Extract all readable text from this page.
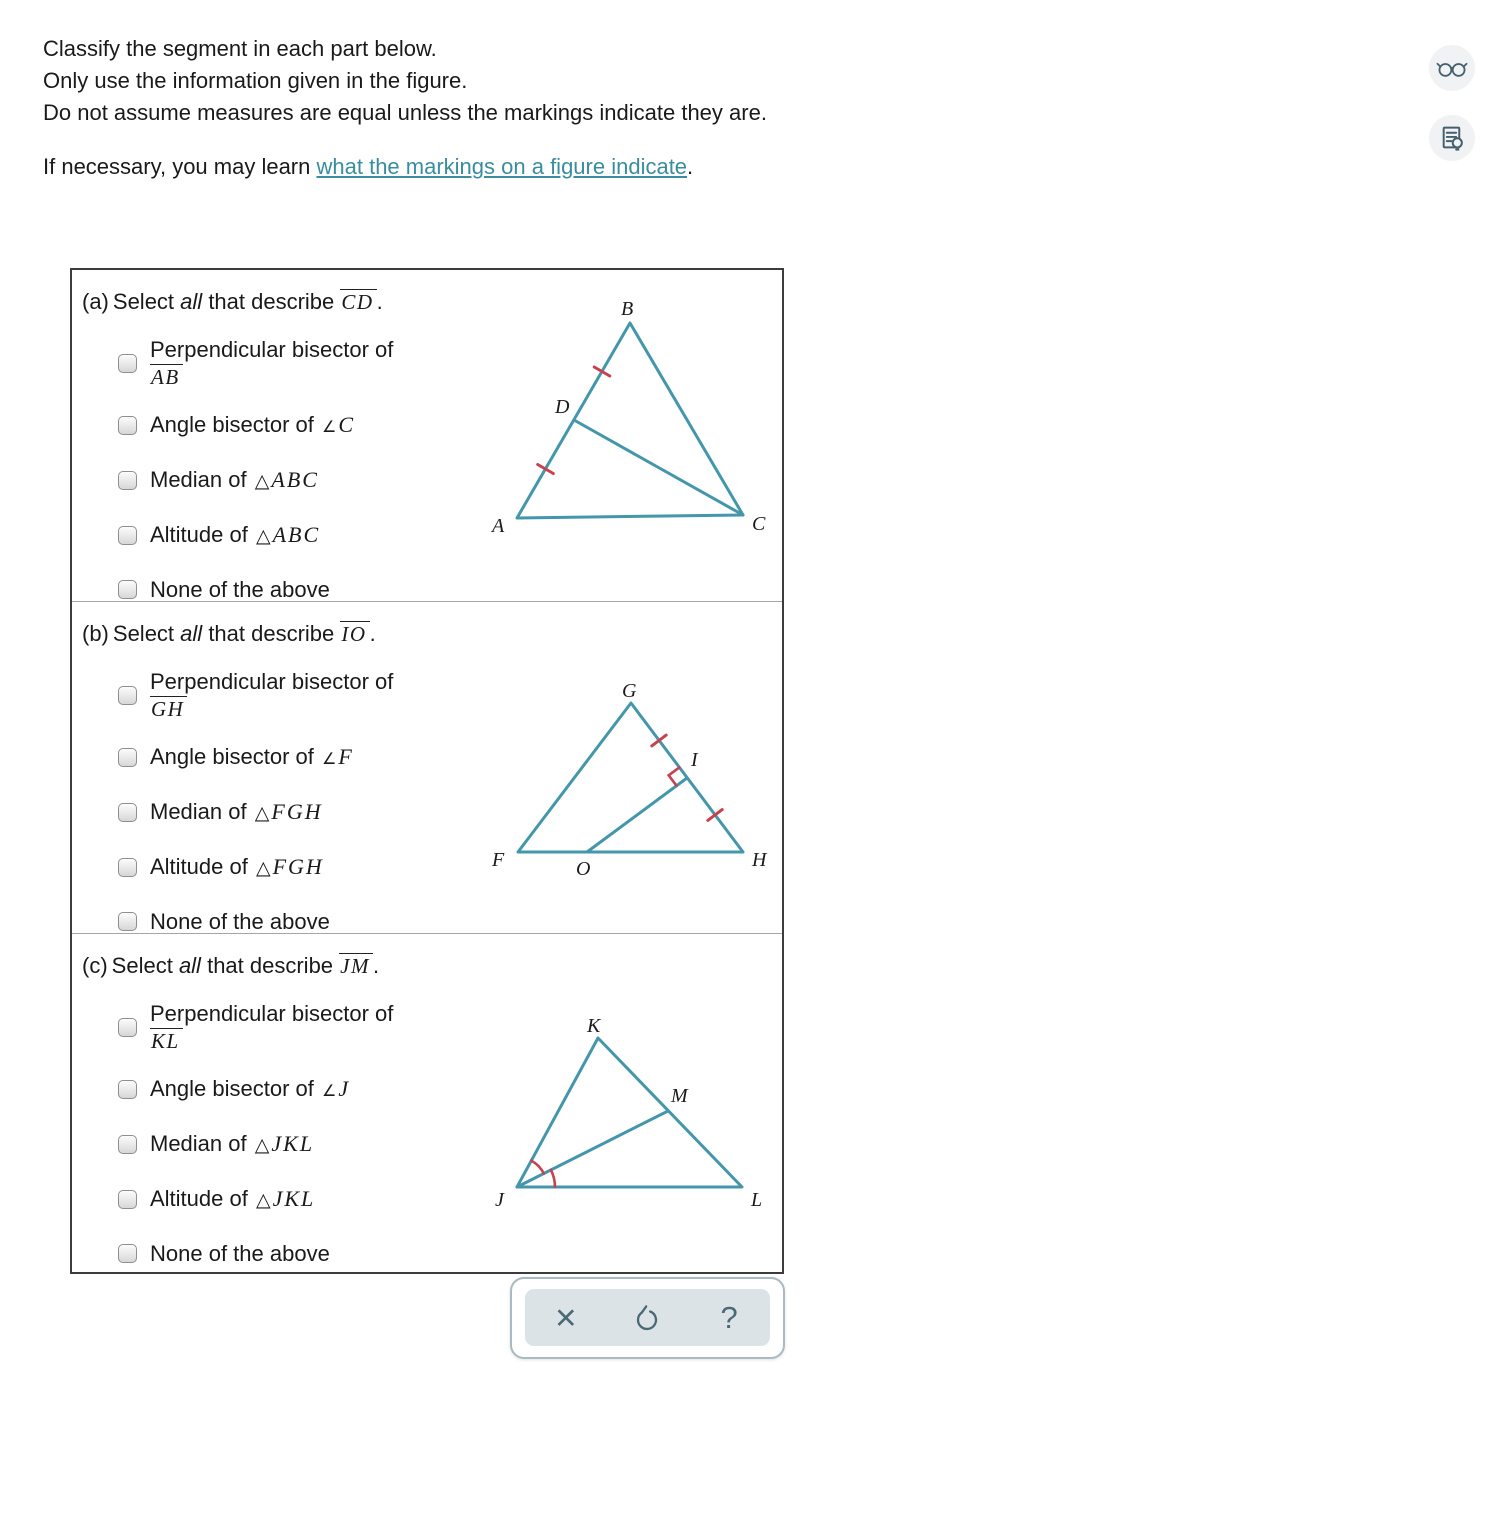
Classify the segment in each part below.
Only use the information given in the figure.
Do not assume measures are equal unless the markings indicate they are.
If necessary, you may learn what the markings on a figure indicate.
(a) Select all that describe CD .
Perpendicular bisector of
AB
Angle bisector of ∠C
Median of △ABC
Altitude of △ABC
None of the above
(b) Select all that describe IO .
Perpendicular bisector of
GH
Angle bisector of ∠F
Median of △FGH
Altitude of △FGH
None of the above
(c) Select all that describe JM .
Perpendicular bisector of
KL
Angle bisector of ∠J
Median of △JKL
Altitude of △JKL
None of the above
B
A	C
D
G
F	H
I
O
K
J	L
M
×	?
